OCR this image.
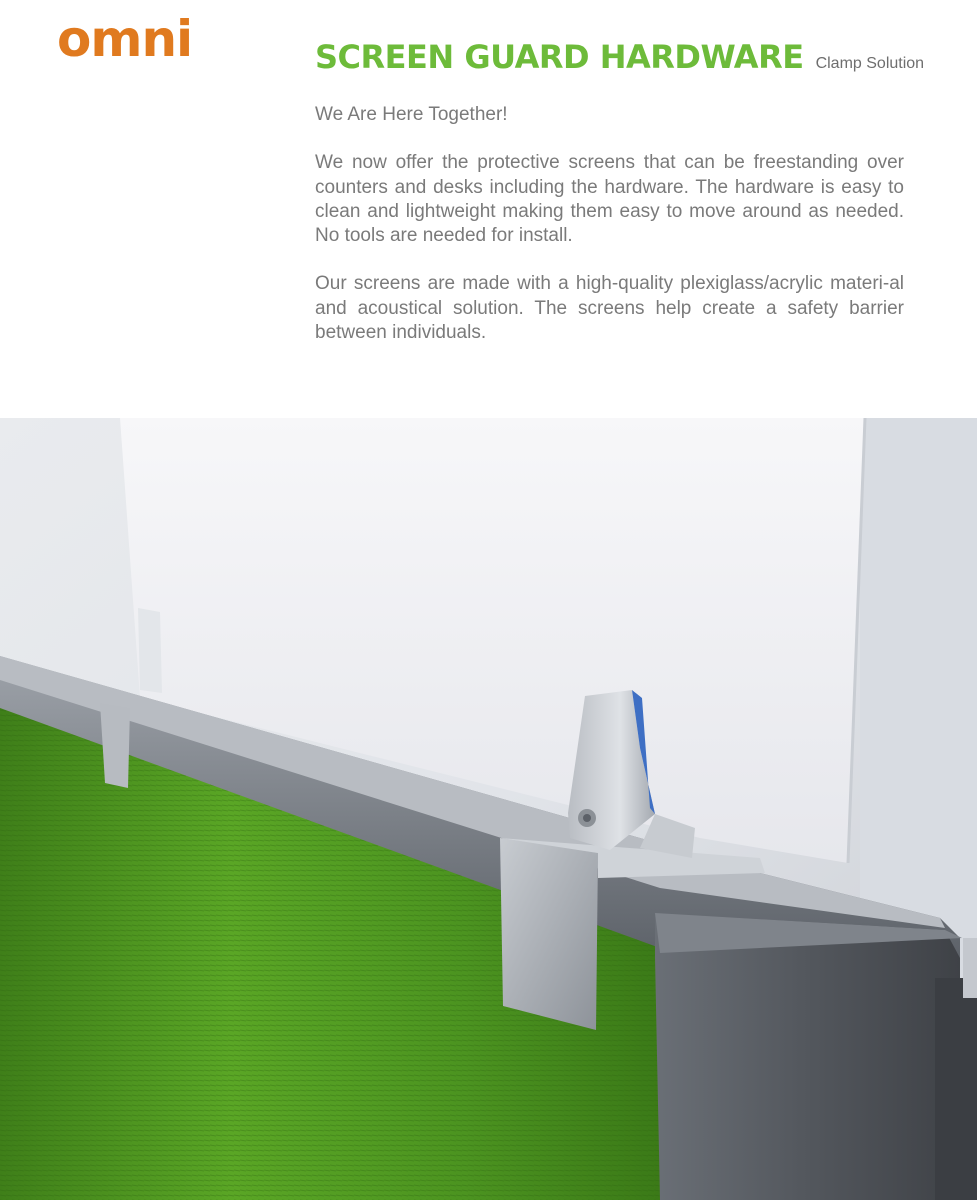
omni	SCREEN GUARD HARDWARE Clamp Solution

We Are Here Together!

We now offer the protective screens that can be freestanding over counters and desks including the hardware. The hardware is easy to clean and lightweight making them easy to move around as needed. No tools are needed for install.

Our screens are made with a high-quality plexiglass/acrylic materi-al and acoustical solution. The screens help create a safety barrier between individuals.
